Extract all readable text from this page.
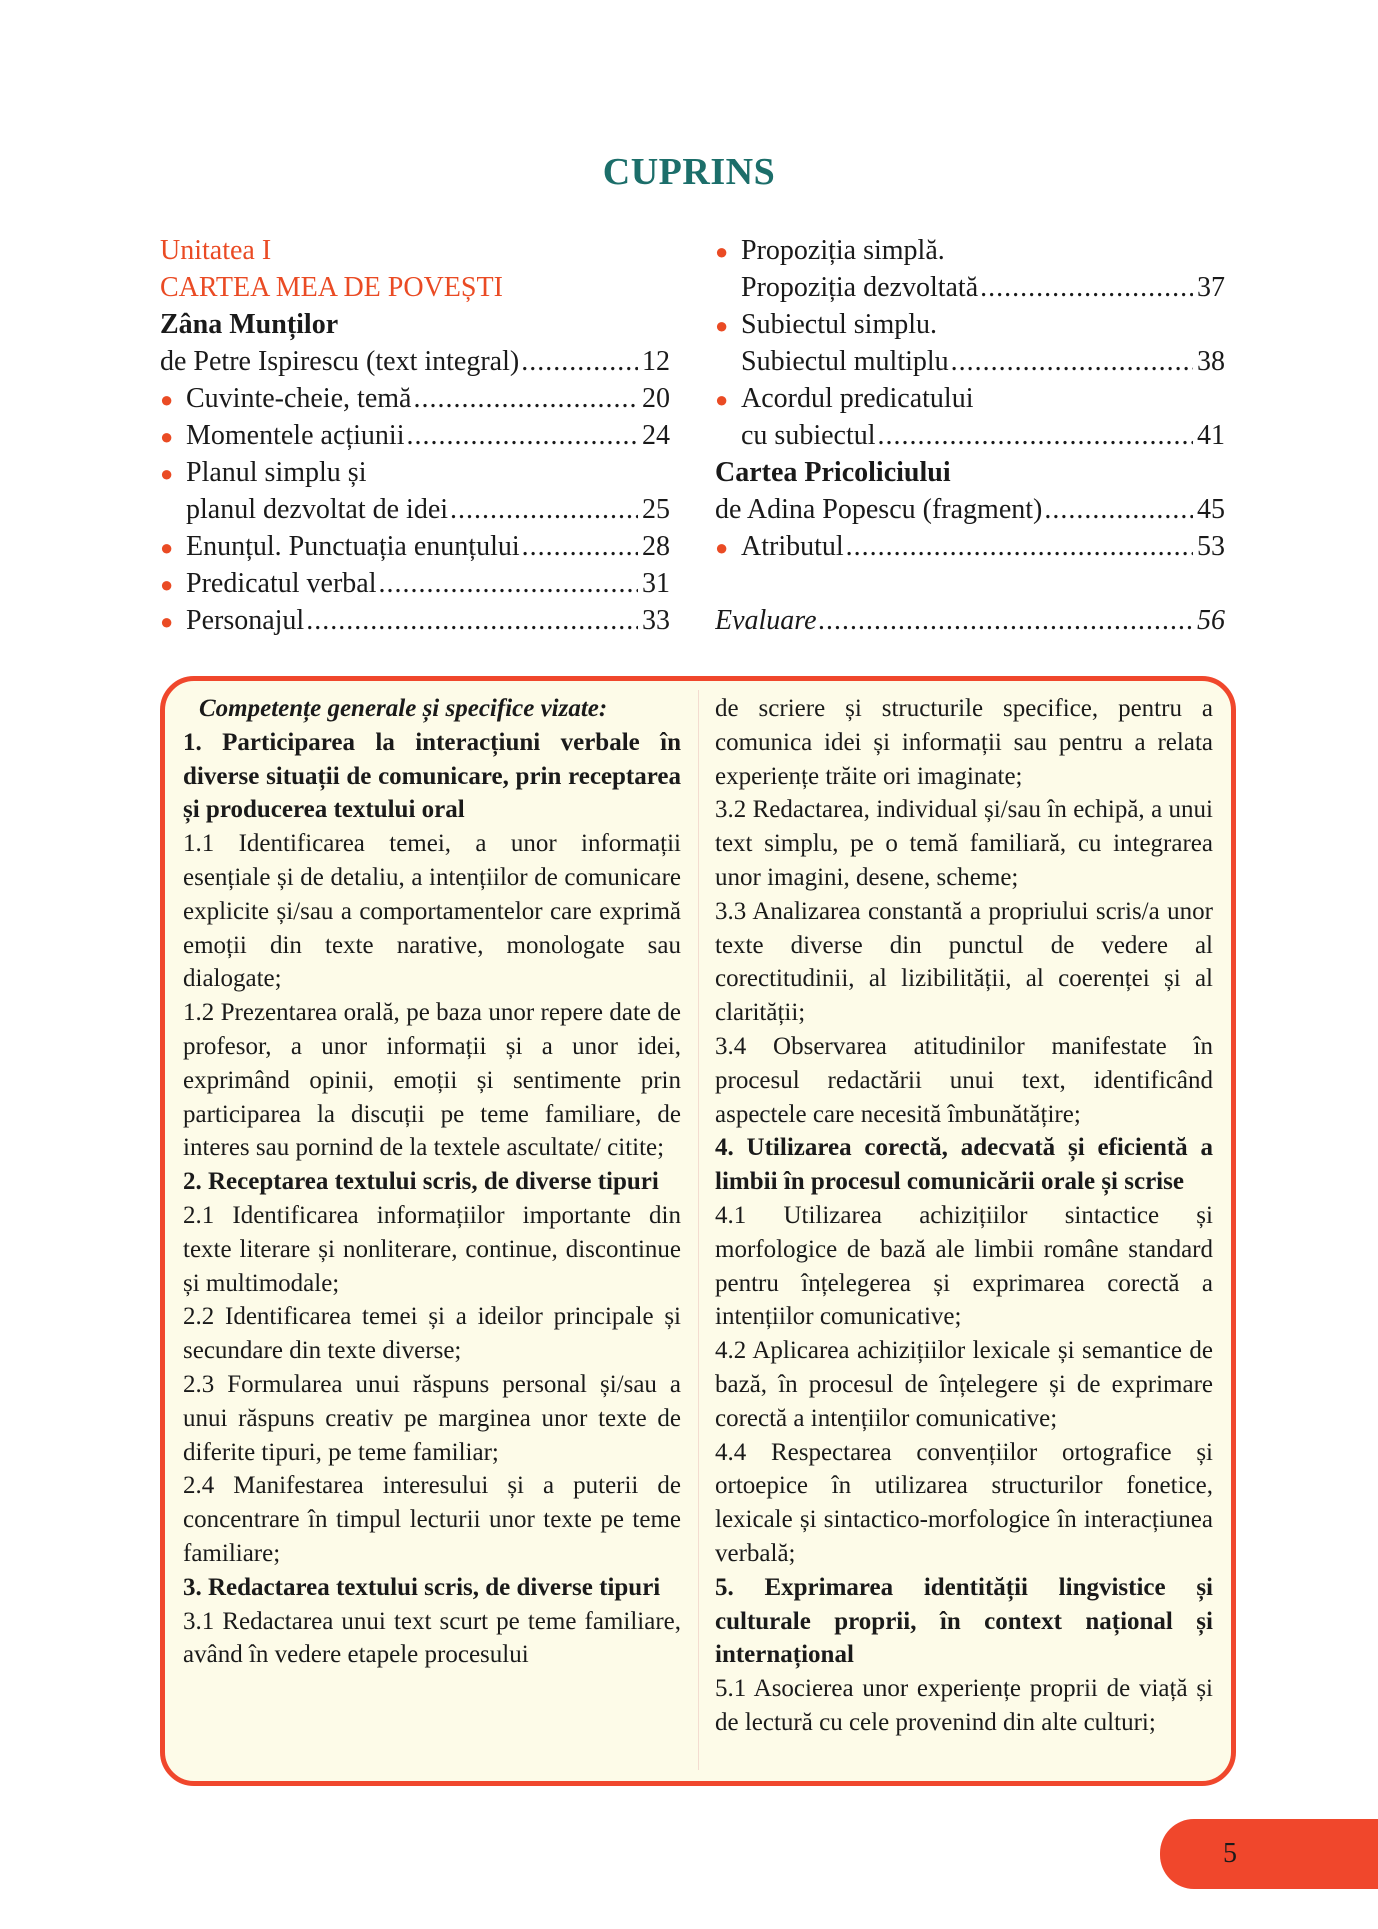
CUPRINS
Unitatea I
CARTEA MEA DE POVEȘTI
Zâna Munților
de Petre Ispirescu (text integral) .....	12
● Cuvinte-cheie, temă .....	20
● Momentele acțiunii .....	24
● Planul simplu și
planul dezvoltat de idei .....	25
● Enunțul. Punctuația enunțului .....	28
● Predicatul verbal .....	31
● Personajul .....	33
● Propoziția simplă.
Propoziția dezvoltată .....	37
● Subiectul simplu.
Subiectul multiplu .....	38
● Acordul predicatului
cu subiectul .....	41
Cartea Pricoliciului
de Adina Popescu (fragment) .....	45
● Atributul .....	53
Evaluare .....	56

Competențe generale și specifice vizate:

1. Participarea la interacțiuni verbale în diverse situații de comunicare, prin receptarea și producerea textului oral

1.1 Identificarea temei, a unor informații esențiale și de detaliu, a intențiilor de comunicare explicite și/sau a comportamentelor care exprimă emoții din texte narative, monologate sau dialogate;

1.2 Prezentarea orală, pe baza unor repere date de profesor, a unor informații și a unor idei, exprimând opinii, emoții și sentimente prin participarea la discuții pe teme familiare, de interes sau pornind de la textele ascultate/ citite;

2. Receptarea textului scris, de diverse tipuri

2.1 Identificarea informațiilor importante din texte literare și nonliterare, continue, discontinue și multimodale;

2.2 Identificarea temei și a ideilor principale și secundare din texte diverse;

2.3 Formularea unui răspuns personal și/sau a unui răspuns creativ pe marginea unor texte de diferite tipuri, pe teme familiar;

2.4 Manifestarea interesului și a puterii de concentrare în timpul lecturii unor texte pe teme familiare;

3. Redactarea textului scris, de diverse tipuri

3.1 Redactarea unui text scurt pe teme familiare, având în vedere etapele procesului

de scriere și structurile specifice, pentru a comunica idei și informații sau pentru a relata experiențe trăite ori imaginate;

3.2 Redactarea, individual și/sau în echipă, a unui text simplu, pe o temă familiară, cu integrarea unor imagini, desene, scheme;

3.3 Analizarea constantă a propriului scris/a unor texte diverse din punctul de vedere al corectitudinii, al lizibilității, al coerenței și al clarității;

3.4 Observarea atitudinilor manifestate în procesul redactării unui text, identificând aspectele care necesită îmbunătățire;

4. Utilizarea corectă, adecvată și eficientă a limbii în procesul comunicării orale și scrise

4.1 Utilizarea achizițiilor sintactice și morfologice de bază ale limbii române standard pentru înțelegerea și exprimarea corectă a intențiilor comunicative;

4.2 Aplicarea achizițiilor lexicale și semantice de bază, în procesul de înțelegere și de exprimare corectă a intențiilor comunicative;

4.4 Respectarea convențiilor ortografice și ortoepice în utilizarea structurilor fonetice, lexicale și sintactico-morfologice în interacțiunea verbală;

5. Exprimarea identității lingvistice și culturale proprii, în context național și internațional

5.1 Asocierea unor experiențe proprii de viață și de lectură cu cele provenind din alte culturi;

5
